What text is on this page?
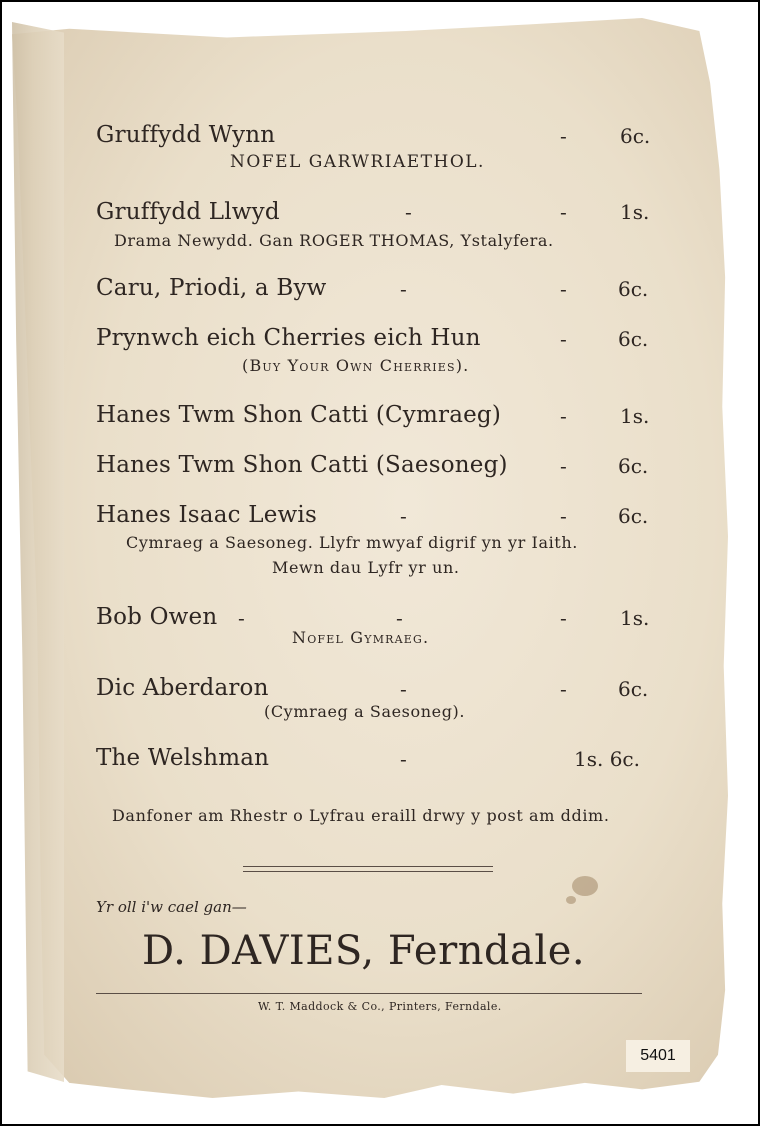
Gruffydd Wynn	-	6c.
NOFEL GARWRIAETHOL.
Gruffydd Llwyd	-	-	1s.
Drama Newydd. Gan ROGER THOMAS, Ystalyfera.
Caru, Priodi, a Byw	-	-	6c.
Prynwch eich Cherries eich Hun	-	6c.
(Buy Your Own Cherries).
Hanes Twm Shon Catti (Cymraeg)	-	1s.
Hanes Twm Shon Catti (Saesoneg)	-	6c.
Hanes Isaac Lewis	-	-	6c.
Cymraeg a Saesoneg. Llyfr mwyaf digrif yn yr Iaith.
Mewn dau Lyfr yr un.
Bob Owen -	-	-	1s.
Nofel Gymraeg.
Dic Aberdaron	-	-	6c.
(Cymraeg a Saesoneg).
The Welshman	-	1s. 6c.
Danfoner am Rhestr o Lyfrau eraill drwy y post am ddim.
Yr oll i'w cael gan—
D. DAVIES, Ferndale.
W. T. Maddock & Co., Printers, Ferndale.
5401
